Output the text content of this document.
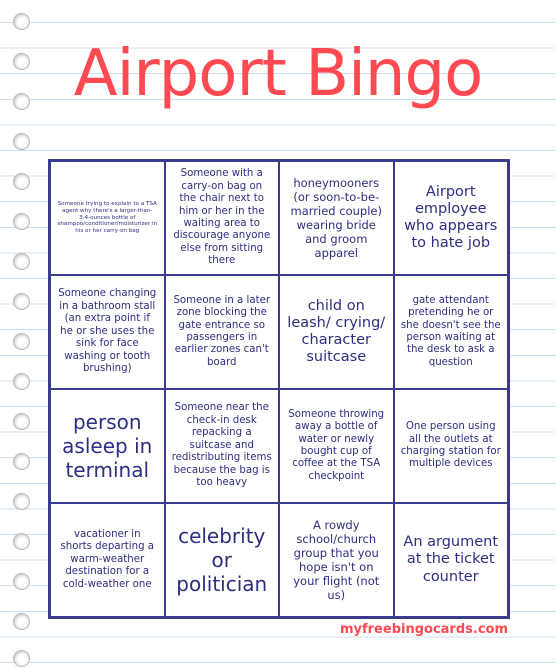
Airport Bingo
Someone trying to explain to a TSA agent why there's a larger-than-3.4-ounces bottle of shampoo/conditioner/moisturizer in his or her carry-on bag
Someone with a carry-on bag on the chair next to him or her in the waiting area to discourage anyone else from sitting there
honeymooners (or soon-to-be-married couple) wearing bride and groom apparel
Airport employee who appears to hate job
Someone changing in a bathroom stall (an extra point if he or she uses the sink for face washing or tooth brushing)
Someone in a later zone blocking the gate entrance so passengers in earlier zones can't board
child on leash/ crying/ character suitcase
gate attendant pretending he or she doesn't see the person waiting at the desk to ask a question
person asleep in terminal
Someone near the check-in desk repacking a suitcase and redistributing items because the bag is too heavy
Someone throwing away a bottle of water or newly bought cup of coffee at the TSA checkpoint
One person using all the outlets at charging station for multiple devices
vacationer in shorts departing a warm-weather destination for a cold-weather one
celebrity or politician
A rowdy school/church group that you hope isn't on your flight (not us)
An argument at the ticket counter
myfreebingocards.com
